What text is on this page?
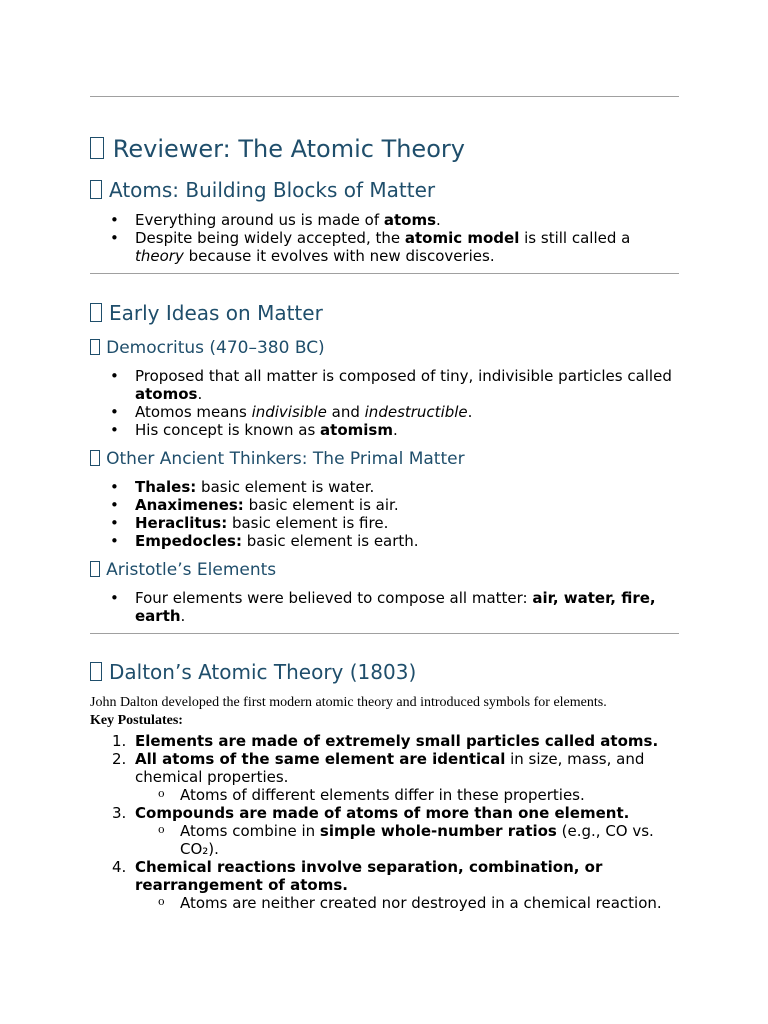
Reviewer: The Atomic Theory
Atoms: Building Blocks of Matter
• Everything around us is made of atoms.
• Despite being widely accepted, the atomic model is still called a theory because it evolves with new discoveries.
Early Ideas on Matter
Democritus (470–380 BC)
• Proposed that all matter is composed of tiny, indivisible particles called atomos.
• Atomos means indivisible and indestructible.
• His concept is known as atomism.
Other Ancient Thinkers: The Primal Matter
• Thales: basic element is water.
• Anaximenes: basic element is air.
• Heraclitus: basic element is fire.
• Empedocles: basic element is earth.
Aristotle’s Elements
• Four elements were believed to compose all matter: air, water, fire, earth.
Dalton’s Atomic Theory (1803)

John Dalton developed the first modern atomic theory and introduced symbols for elements.

Key Postulates:

1. Elements are made of extremely small particles called atoms.
2. All atoms of the same element are identical in size, mass, and chemical properties.
o Atoms of different elements differ in these properties.
3. Compounds are made of atoms of more than one element.
o Atoms combine in simple whole-number ratios (e.g., CO vs. CO₂).
4. Chemical reactions involve separation, combination, or rearrangement of atoms.
o Atoms are neither created nor destroyed in a chemical reaction.
